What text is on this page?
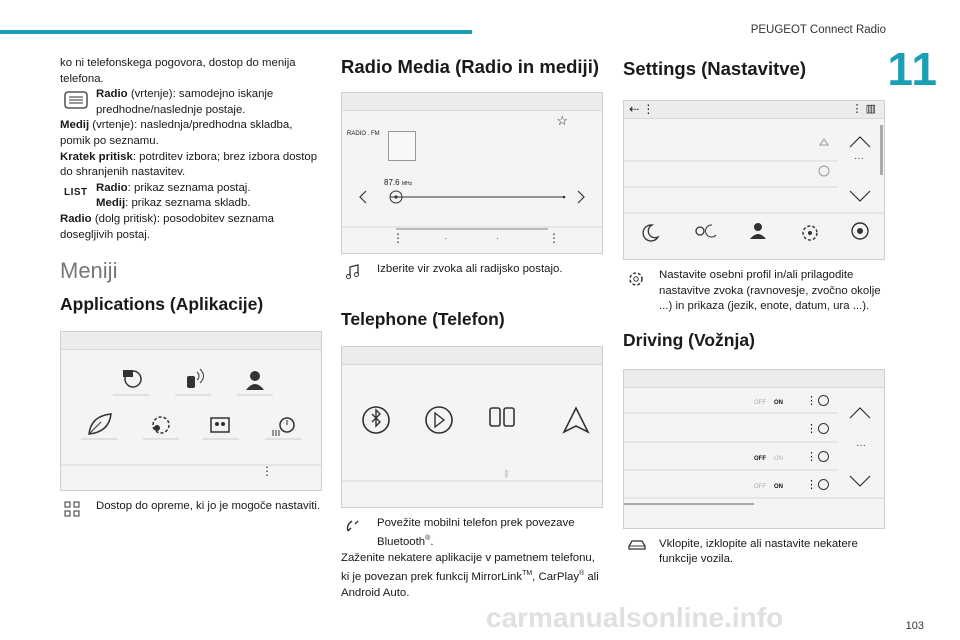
PEUGEOT Connect Radio
11
ko ni telefonskega pogovora, dostop do menija telefona.
Radio (vrtenje): samodejno iskanje predhodne/naslednje postaje.
Medij (vrtenje): naslednja/predhodna skladba, pomik po seznamu.
Kratek pritisk: potrditev izbora; brez izbora dostop do shranjenih nastavitev.
LIST Radio: prikaz seznama postaj.
Medij: prikaz seznama skladb.
Radio (dolg pritisk): posodobitev seznama dosegljivih postaj.
Meniji
Applications (Aplikacije)
⋮
Dostop do opreme, ki jo je mogoče nastaviti.
Radio Media (Radio in mediji)
RADIO . FM
☆
87.6 MHz
⋮	·	·	⋮
Izberite vir zvoka ali radijsko postajo.
Telephone (Telefon)
ᛒ
Povežite mobilni telefon prek povezave Bluetooth®.
Zaženite nekatere aplikacije v pametnem telefonu, ki je povezan prek funkcij MirrorLink™, CarPlay® ali Android Auto.
Settings (Nastavitve)
⇠ ⋮	⋮ ▥
···
Nastavite osebni profil in/ali prilagodite nastavitve zvoka (ravnovesje, zvočno okolje ...) in prikaza (jezik, enote, datum, ura ...).
Driving (Vožnja)
OFF ON ⋮
⋮
OFF ON ⋮
OFF ON ⋮
···
Vklopite, izklopite ali nastavite nekatere funkcije vozila.
carmanualsonline.info	103
